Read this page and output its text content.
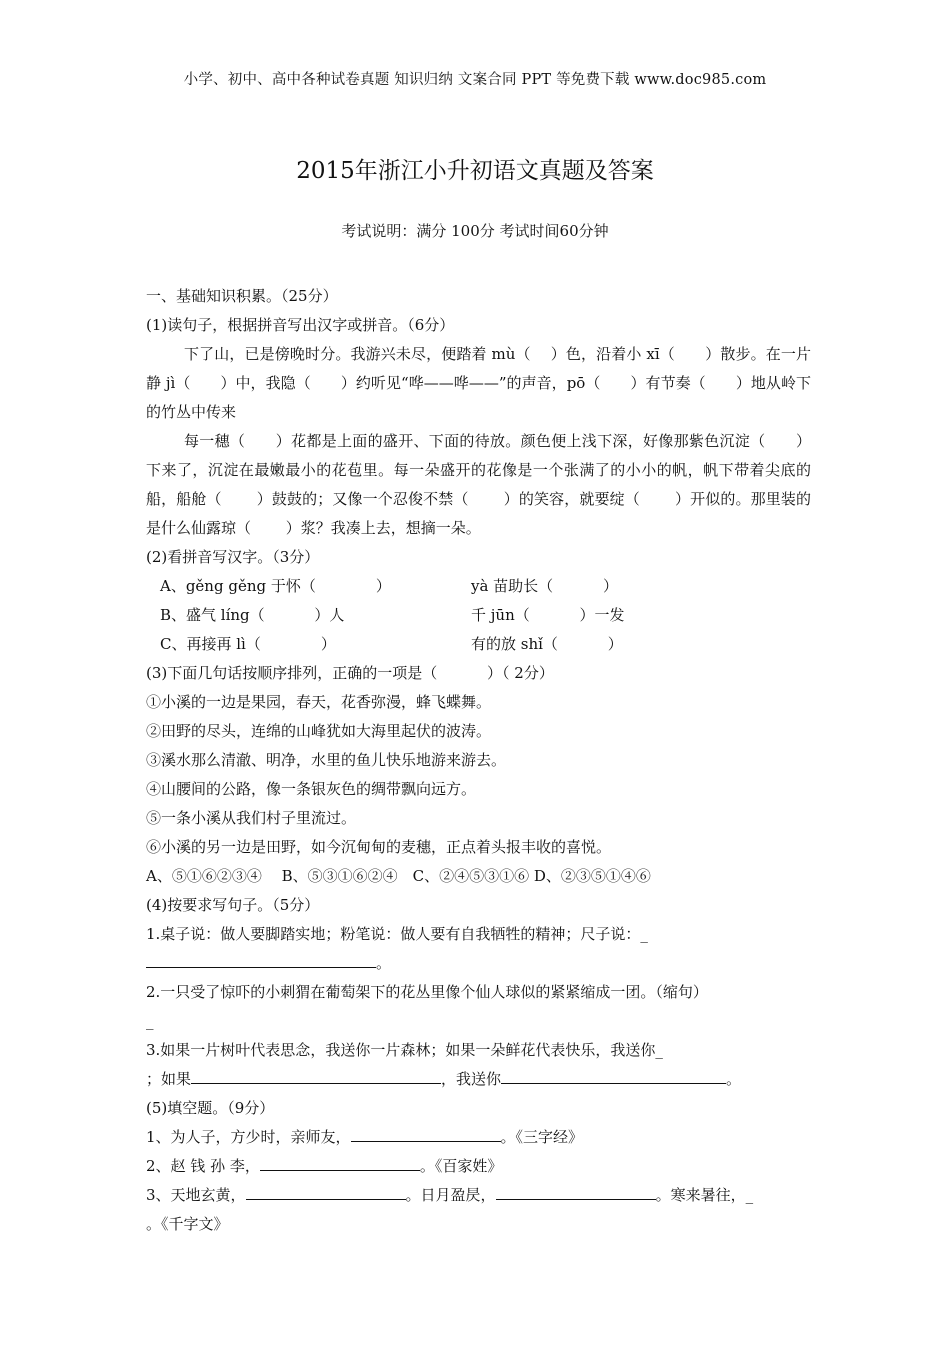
小学、初中、高中各种试卷真题 知识归纳 文案合同 PPT 等免费下载 www.doc985.com
2015年浙江小升初语文真题及答案
考试说明：满分 100分 考试时间60分钟
一、基础知识积累。（25分）
(1)读句子，根据拼音写出汉字或拼音。（6分）
下了山，已是傍晚时分。我游兴未尽，便踏着 mù（　 ）色，沿着小 xī（　　）散步。在一片静 jì（　　）中，我隐（　　）约听见“哗——哗——”的声音，pō（　　）有节奏（　　）地从岭下的竹丛中传来
每一穗（　　）花都是上面的盛开、下面的待放。颜色便上浅下深，好像那紫色沉淀（　　）下来了，沉淀在最嫩最小的花苞里。每一朵盛开的花像是一个张满了的小小的帆，帆下带着尖底的船，船舱（　　 ）鼓鼓的；又像一个忍俊不禁（　　 ）的笑容，就要绽（　　 ）开似的。那里装的是什么仙露琼（　　 ）浆？我凑上去，想摘一朵。
(2)看拼音写汉字。（3分）
A、gěng gěng 于怀（　　　　）	yà 苗助长（　　　 ）
B、盛气 líng（　　　 ）人	千 jūn（　　　 ）一发
C、再接再 lì（　　　　）	有的放 shǐ（　　　 ）
(3)下面几句话按顺序排列，正确的一项是（　　　 ）（ 2分）
①小溪的一边是果园，春天，花香弥漫，蜂飞蝶舞。
②田野的尽头，连绵的山峰犹如大海里起伏的波涛。
③溪水那么清澈、明净，水里的鱼儿快乐地游来游去。
④山腰间的公路，像一条银灰色的绸带飘向远方。
⑤一条小溪从我们村子里流过。
⑥小溪的另一边是田野，如今沉甸甸的麦穗，正点着头报丰收的喜悦。
A、⑤①⑥②③④　 B、⑤③①⑥②④　C、②④⑤③①⑥ D、②③⑤①④⑥
(4)按要求写句子。（5分）
1.桌子说：做人要脚踏实地；粉笔说：做人要有自我牺牲的精神；尺子说：_
。
2.一只受了惊吓的小刺猬在葡萄架下的花丛里像个仙人球似的紧紧缩成一团。（缩句）
_
3.如果一片树叶代表思念，我送你一片森林；如果一朵鲜花代表快乐，我送你_
；如果	，我送你	。
(5)填空题。（9分）
1、为人子，方少时，亲师友，	。《三字经》
2、赵 钱 孙 李，	。《百家姓》
3、天地玄黄，	。日月盈昃，	。寒来暑往，_
。《千字文》
